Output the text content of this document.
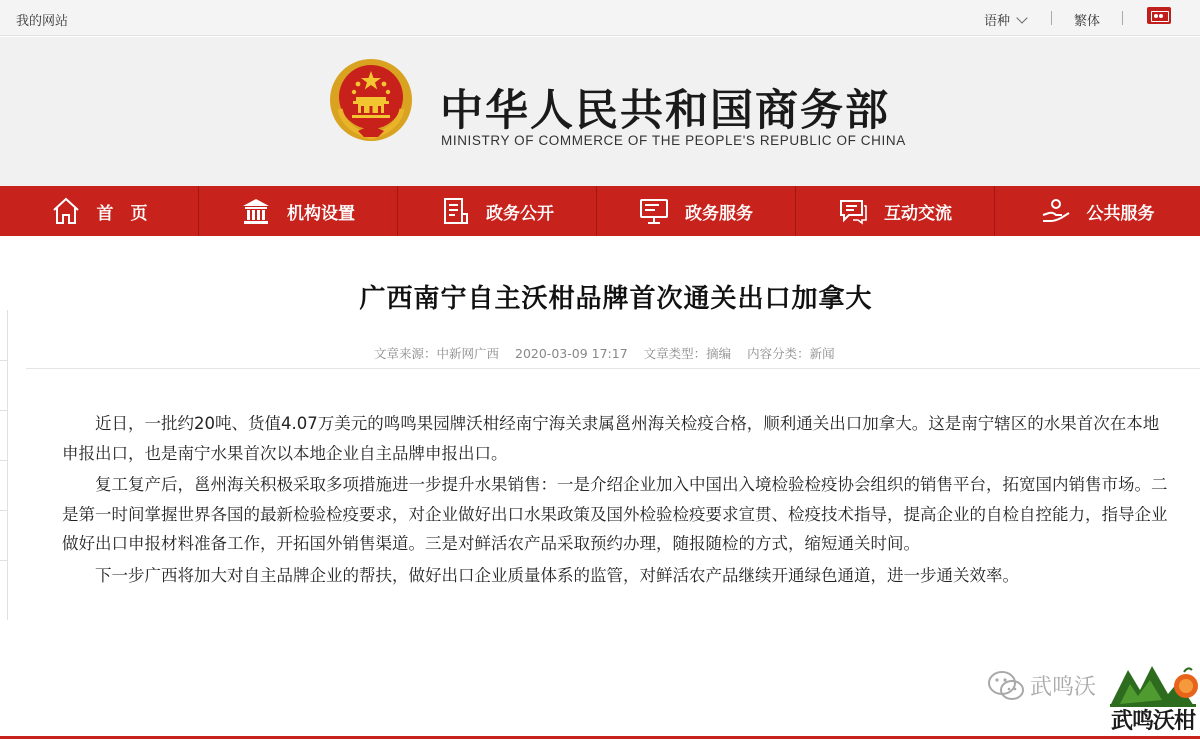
我的网站	语种	繁体
中华人民共和国商务部
MINISTRY OF COMMERCE OF THE PEOPLE'S REPUBLIC OF CHINA
首　页	机构设置	政务公开	政务服务	互动交流	公共服务
广西南宁自主沃柑品牌首次通关出口加拿大
文章来源：中新网广西 2020-03-09 17:17 文章类型：摘编 内容分类：新闻

近日，一批约20吨、货值4.07万美元的鸣鸣果园牌沃柑经南宁海关隶属邕州海关检疫合格，顺利通关出口加拿大。这是南宁辖区的水果首次在本地申报出口，也是南宁水果首次以本地企业自主品牌申报出口。

复工复产后，邕州海关积极采取多项措施进一步提升水果销售：一是介绍企业加入中国出入境检验检疫协会组织的销售平台，拓宽国内销售市场。二是第一时间掌握世界各国的最新检验检疫要求，对企业做好出口水果政策及国外检验检疫要求宣贯、检疫技术指导，提高企业的自检自控能力，指导企业做好出口申报材料准备工作，开拓国外销售渠道。三是对鲜活农产品采取预约办理，随报随检的方式，缩短通关时间。

下一步广西将加大对自主品牌企业的帮扶，做好出口企业质量体系的监管，对鲜活农产品继续开通绿色通道，进一步通关效率。

武鸣沃
武鸣沃柑
